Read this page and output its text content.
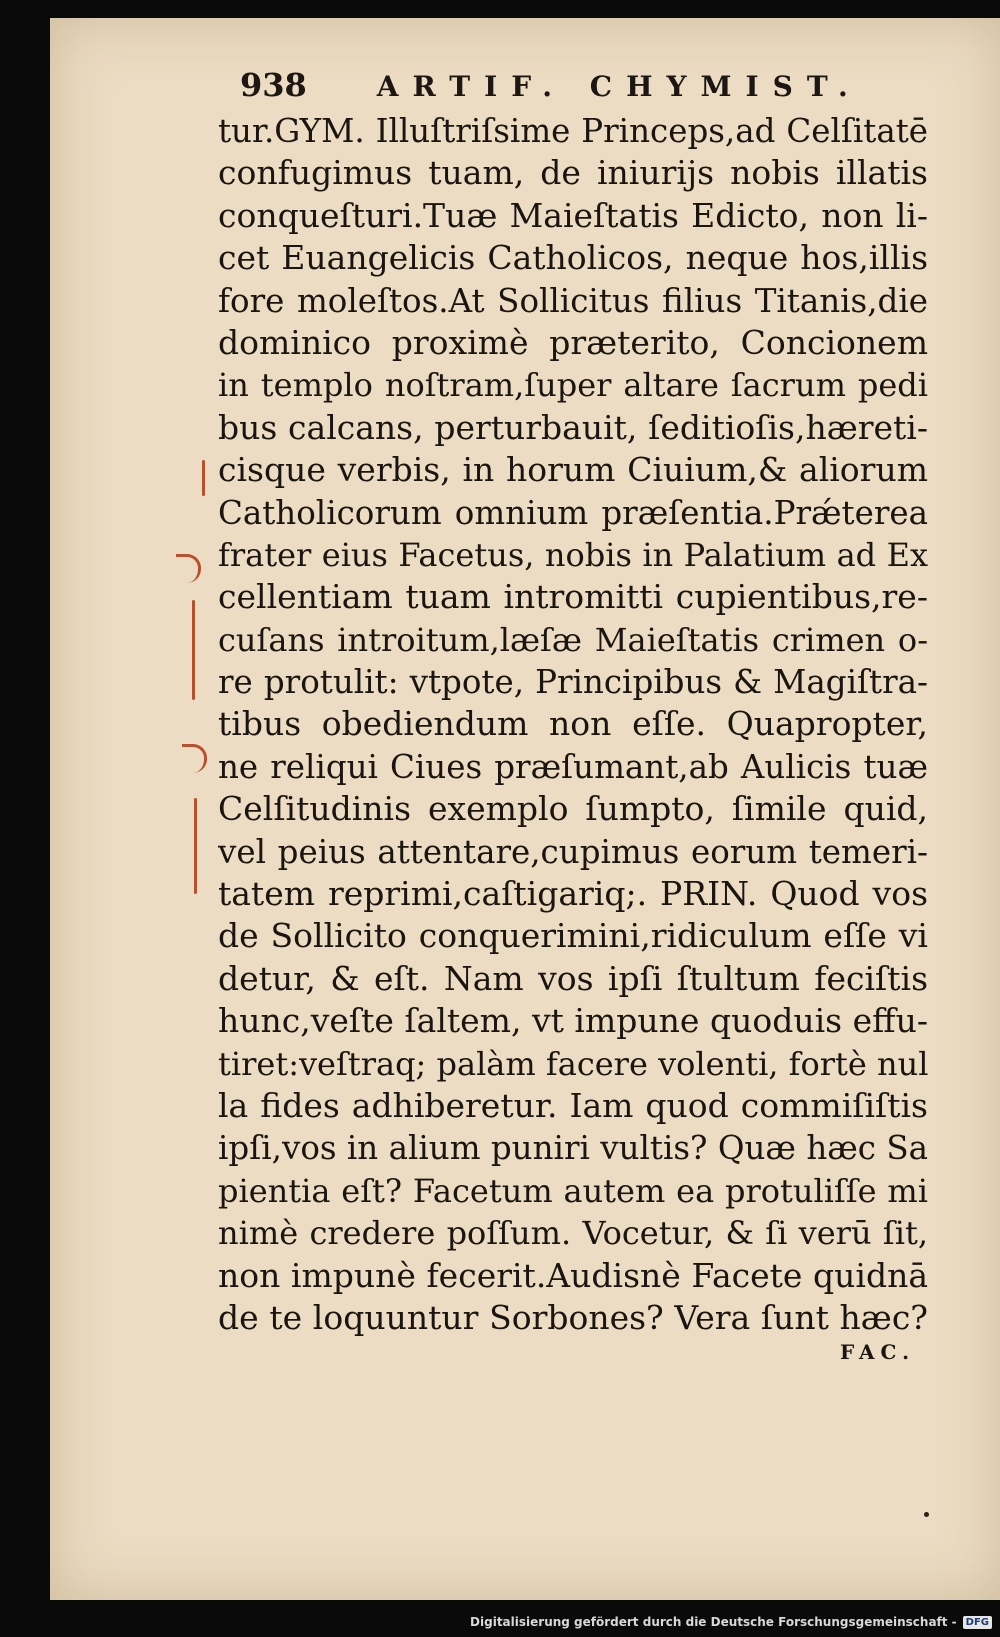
938	ARTIF. CHYMIST.
tur.GYM. Illuſtriſsime Princeps,ad Celſitatē
confugimus tuam, de iniurijs nobis illatis
conqueſturi.Tuæ Maieſtatis Edicto, non li-
cet Euangelicis Catholicos, neque hos,illis
fore moleſtos.At Sollicitus filius Titanis,die
dominico proximè præterito, Concionem
in templo noſtram,ſuper altare ſacrum pedi
bus calcans, perturbauit, ſeditioſis,hæreti-
cisque verbis, in horum Ciuium,& aliorum
Catholicorum omnium præſentia.Prǽterea
frater eius Facetus, nobis in Palatium ad Ex
cellentiam tuam intromitti cupientibus,re-
cuſans introitum,læſæ Maieſtatis crimen o-
re protulit: vtpote, Principibus & Magiſtra-
tibus obediendum non eſſe. Quapropter,
ne reliqui Ciues præſumant,ab Aulicis tuæ
Celſitudinis exemplo ſumpto, ſimile quid,
vel peius attentare,cupimus eorum temeri-
tatem reprimi,caſtigariq;. PRIN. Quod vos
de Sollicito conquerimini,ridiculum eſſe vi
detur, & eſt. Nam vos ipſi ſtultum feciſtis
hunc,veſte ſaltem, vt impune quoduis effu-
tiret:veſtraq; palàm facere volenti, fortè nul
la fides adhiberetur. Iam quod commiſiſtis
ipſi,vos in alium puniri vultis? Quæ hæc Sa
pientia eſt? Facetum autem ea protuliſſe mi
nimè credere poſſum. Vocetur, & ſi verū ſit,
non impunè fecerit.Audisnè Facete quidnā
de te loquuntur Sorbones? Vera ſunt hæc?
FAC.
Digitalisierung gefördert durch die Deutsche Forschungsgemeinschaft - DFG
